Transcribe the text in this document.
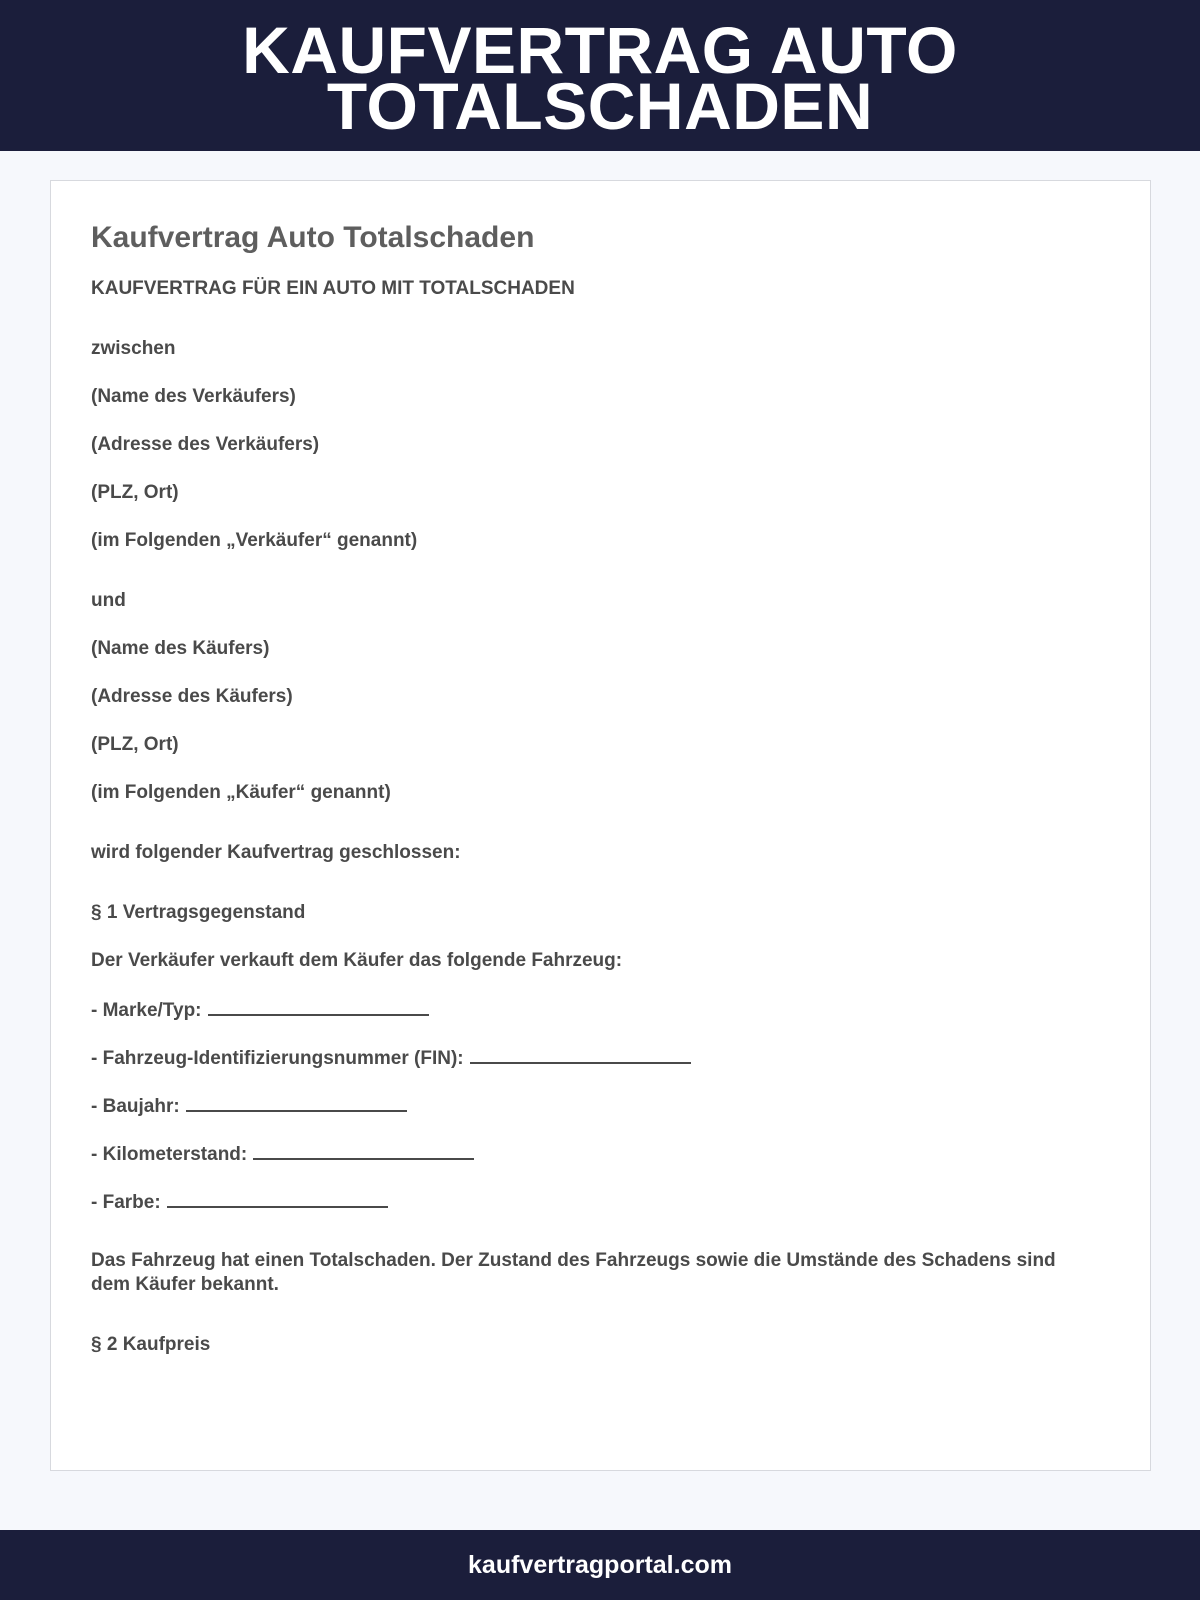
KAUFVERTRAG AUTO TOTALSCHADEN
Kaufvertrag Auto Totalschaden
KAUFVERTRAG FÜR EIN AUTO MIT TOTALSCHADEN
zwischen
(Name des Verkäufers)
(Adresse des Verkäufers)
(PLZ, Ort)
(im Folgenden „Verkäufer“ genannt)
und
(Name des Käufers)
(Adresse des Käufers)
(PLZ, Ort)
(im Folgenden „Käufer“ genannt)
wird folgender Kaufvertrag geschlossen:
§ 1 Vertragsgegenstand
Der Verkäufer verkauft dem Käufer das folgende Fahrzeug:
- Marke/Typ:
- Fahrzeug-Identifizierungsnummer (FIN):
- Baujahr:
- Kilometerstand:
- Farbe:
Das Fahrzeug hat einen Totalschaden. Der Zustand des Fahrzeugs sowie die Umstände des Schadens sind dem Käufer bekannt.
§ 2 Kaufpreis
kaufvertragportal.com
